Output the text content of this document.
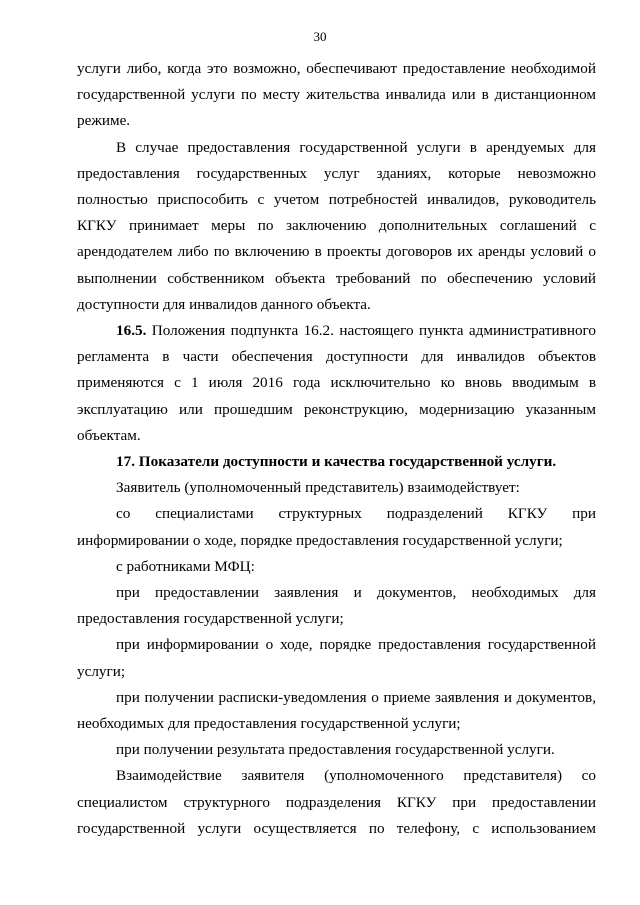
30

услуги либо, когда это возможно, обеспечивают предоставление необходимой государственной услуги по месту жительства инвалида или в дистанционном режиме.

В случае предоставления государственной услуги в арендуемых для предоставления государственных услуг зданиях, которые невозможно полностью приспособить с учетом потребностей инвалидов, руководитель КГКУ принимает меры по заключению дополнительных соглашений с арендодателем либо по включению в проекты договоров их аренды условий о выполнении собственником объекта требований по обеспечению условий доступности для инвалидов данного объекта.

16.5. Положения подпункта 16.2. настоящего пункта административного регламента в части обеспечения доступности для инвалидов объектов применяются с 1 июля 2016 года исключительно ко вновь вводимым в эксплуатацию или прошедшим реконструкцию, модернизацию указанным объектам.

17. Показатели доступности и качества государственной услуги.

Заявитель (уполномоченный представитель) взаимодействует:

со специалистами структурных подразделений КГКУ при информировании о ходе, порядке предоставления государственной услуги;

с работниками МФЦ:

при предоставлении заявления и документов, необходимых для предоставления государственной услуги;

при информировании о ходе, порядке предоставления государственной услуги;

при получении расписки-уведомления о приеме заявления и документов, необходимых для предоставления государственной услуги;

при получении результата предоставления государственной услуги.

Взаимодействие заявителя (уполномоченного представителя) со специалистом структурного подразделения КГКУ при предоставлении государственной услуги осуществляется по телефону, с использованием
